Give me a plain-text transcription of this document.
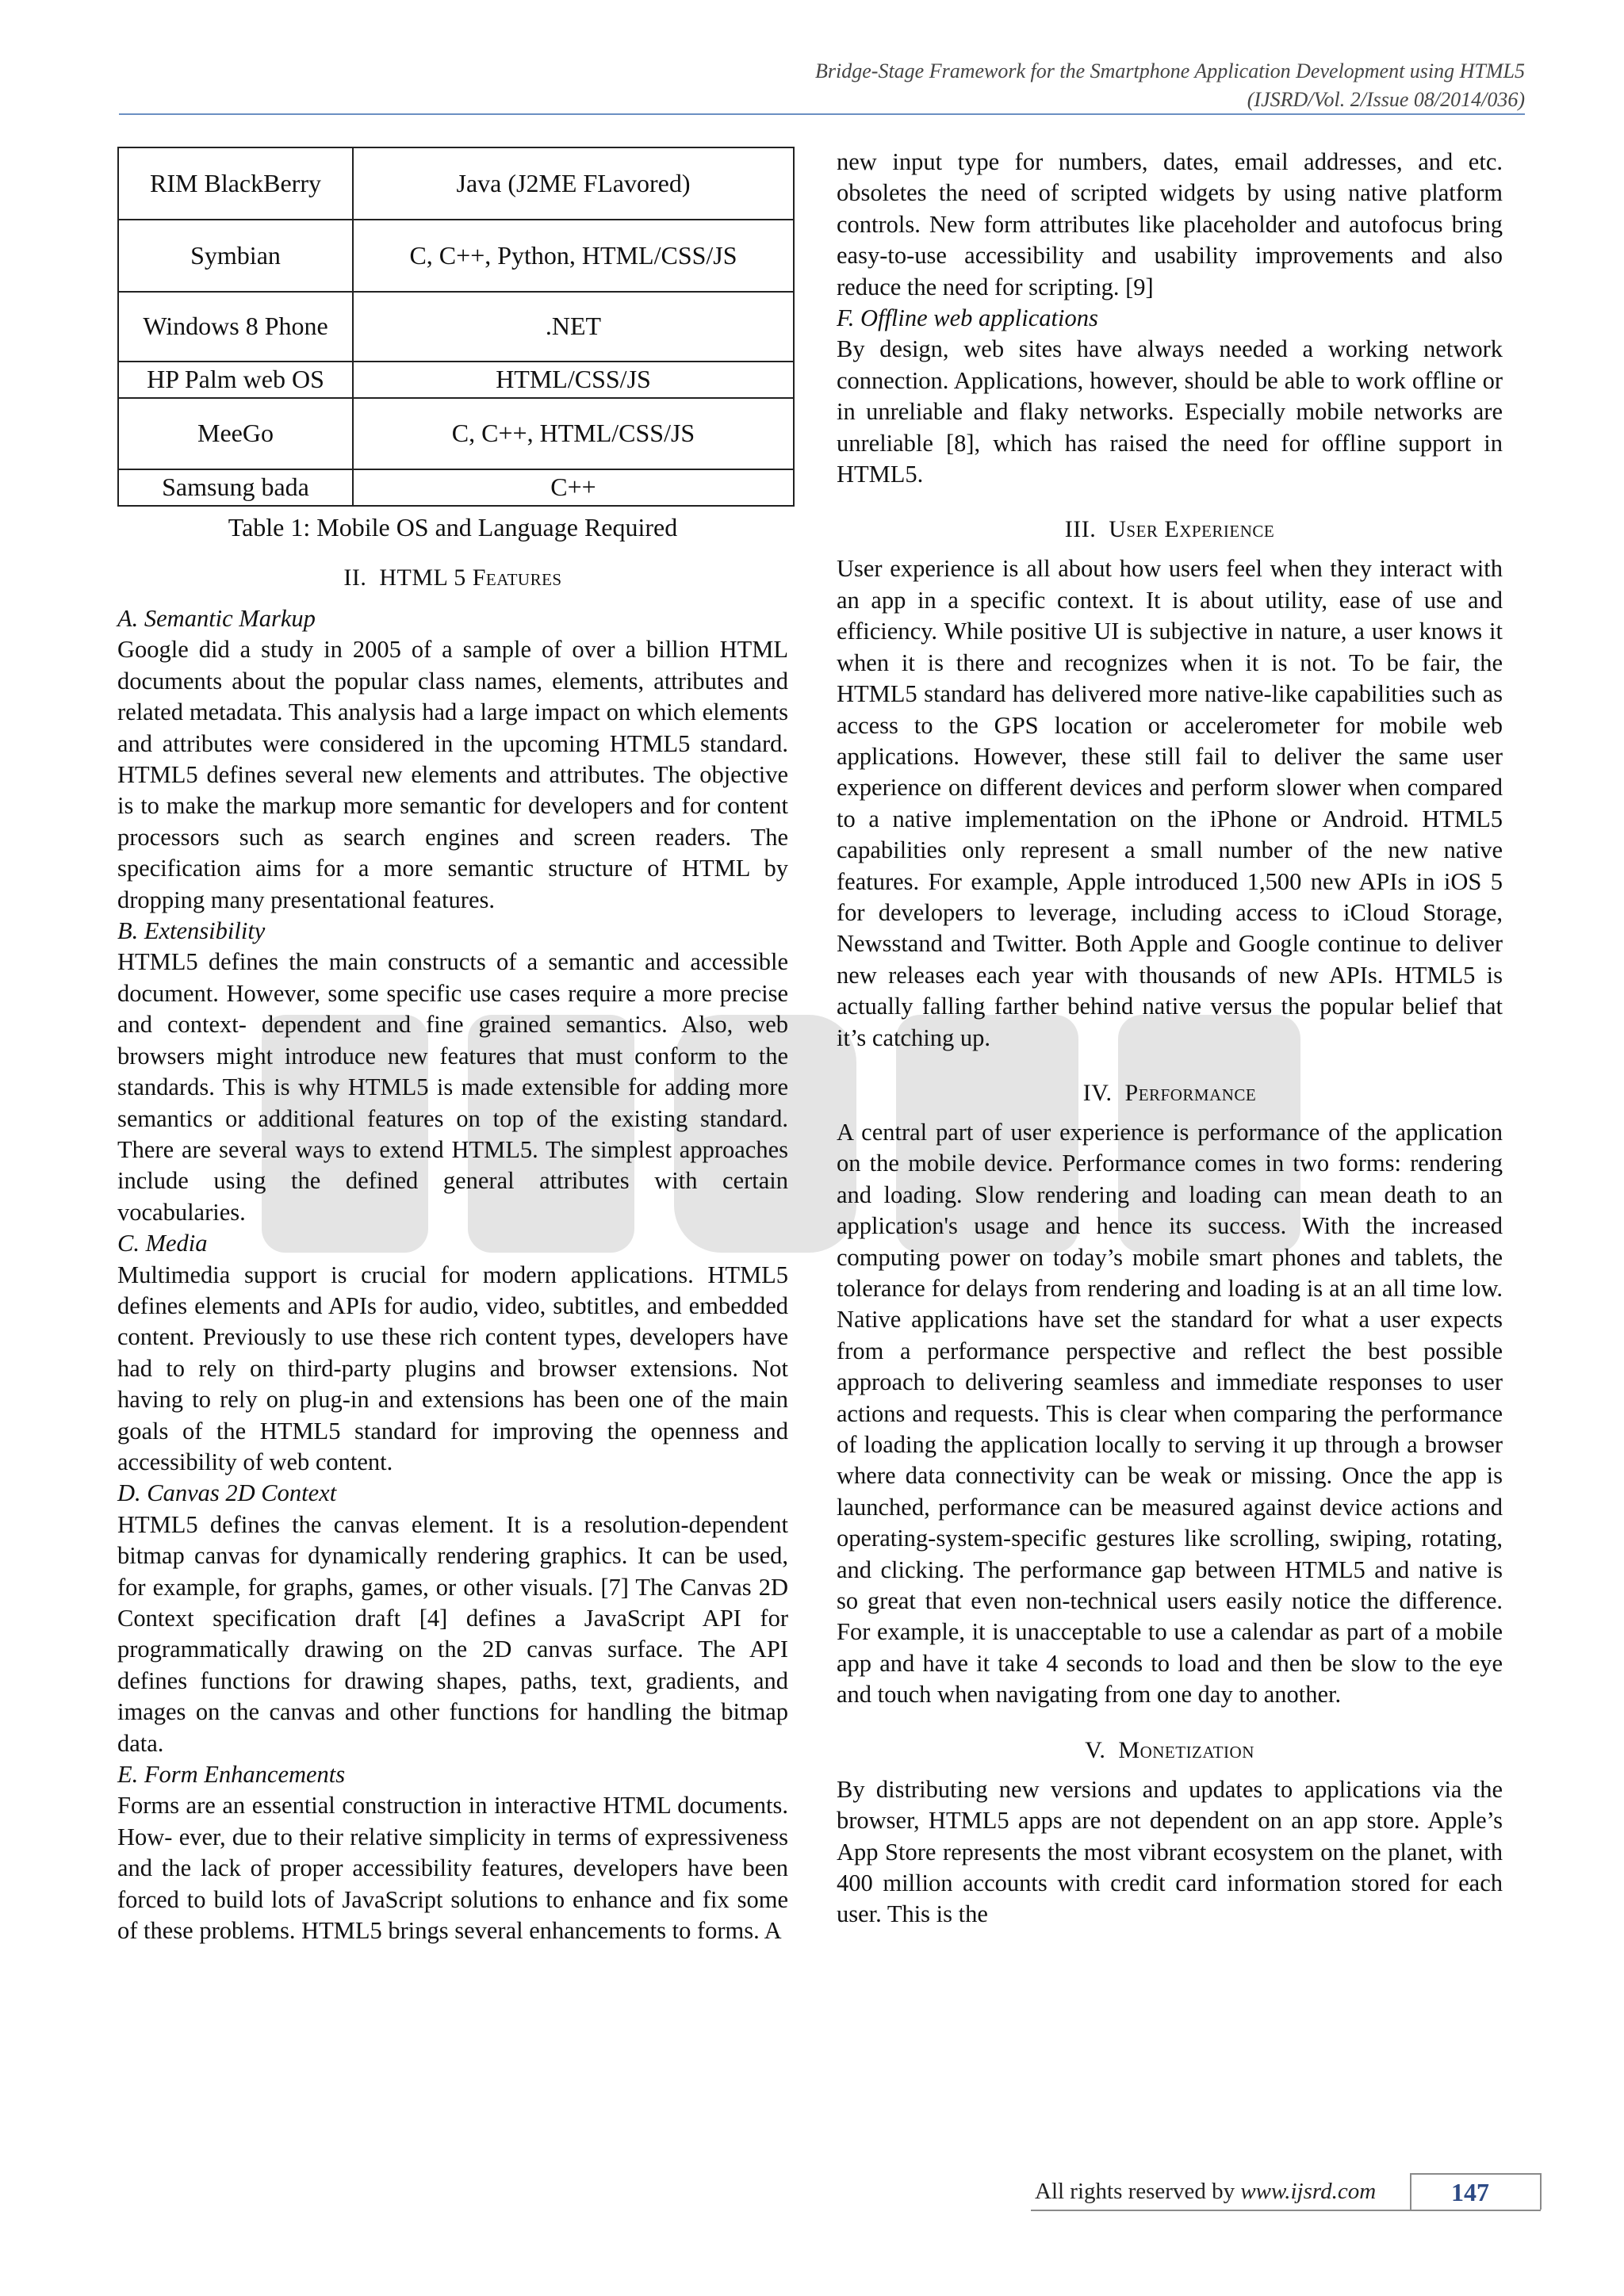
Bridge-Stage Framework for the Smartphone Application Development using HTML5
(IJSRD/Vol. 2/Issue 08/2014/036)
RIM BlackBerry	Java (J2ME FLavored)
Symbian	C, C++, Python, HTML/CSS/JS
Windows 8 Phone	.NET
HP Palm web OS	HTML/CSS/JS
MeeGo	C, C++, HTML/CSS/JS
Samsung bada	C++
Table 1: Mobile OS and Language Required
II. HTML 5 Features
A. Semantic Markup

Google did a study in 2005 of a sample of over a billion HTML documents about the popular class names, elements, attributes and related metadata. This analysis had a large impact on which elements and attributes were considered in the upcoming HTML5 standard. HTML5 defines several new elements and attributes. The objective is to make the markup more semantic for developers and for content processors such as search engines and screen readers. The specification aims for a more semantic structure of HTML by dropping many presentational features.

B. Extensibility

HTML5 defines the main constructs of a semantic and accessible document. However, some specific use cases require a more precise and context- dependent and fine grained semantics. Also, web browsers might introduce new features that must conform to the standards. This is why HTML5 is made extensible for adding more semantics or additional features on top of the existing standard. There are several ways to extend HTML5. The simplest approaches include using the defined general attributes with certain vocabularies.

C. Media

Multimedia support is crucial for modern applications. HTML5 defines elements and APIs for audio, video, subtitles, and embedded content. Previously to use these rich content types, developers have had to rely on third-party plugins and browser extensions. Not having to rely on plug-in and extensions has been one of the main goals of the HTML5 standard for improving the openness and accessibility of web content.

D. Canvas 2D Context

HTML5 defines the canvas element. It is a resolution-dependent bitmap canvas for dynamically rendering graphics. It can be used, for example, for graphs, games, or other visuals. [7] The Canvas 2D Context specification draft [4] defines a JavaScript API for programmatically drawing on the 2D canvas surface. The API defines functions for drawing shapes, paths, text, gradients, and images on the canvas and other functions for handling the bitmap data.

E. Form Enhancements

Forms are an essential construction in interactive HTML documents. How- ever, due to their relative simplicity in terms of expressiveness and the lack of proper accessibility features, developers have been forced to build lots of JavaScript solutions to enhance and fix some of these problems. HTML5 brings several enhancements to forms. A

new input type for numbers, dates, email addresses, and etc. obsoletes the need of scripted widgets by using native platform controls. New form attributes like placeholder and autofocus bring easy-to-use accessibility and usability improvements and also reduce the need for scripting. [9]

F. Offline web applications

By design, web sites have always needed a working network connection. Applications, however, should be able to work offline or in unreliable and flaky networks. Especially mobile networks are unreliable [8], which has raised the need for offline support in HTML5.

III. User Experience

User experience is all about how users feel when they interact with an app in a specific context. It is about utility, ease of use and efficiency. While positive UI is subjective in nature, a user knows it when it is there and recognizes when it is not. To be fair, the HTML5 standard has delivered more native-like capabilities such as access to the GPS location or accelerometer for mobile web applications. However, these still fail to deliver the same user experience on different devices and perform slower when compared to a native implementation on the iPhone or Android. HTML5 capabilities only represent a small number of the new native features. For example, Apple introduced 1,500 new APIs in iOS 5 for developers to leverage, including access to iCloud Storage, Newsstand and Twitter. Both Apple and Google continue to deliver new releases each year with thousands of new APIs. HTML5 is actually falling farther behind native versus the popular belief that it’s catching up.

IV. Performance

A central part of user experience is performance of the application on the mobile device. Performance comes in two forms: rendering and loading. Slow rendering and loading can mean death to an application's usage and hence its success. With the increased computing power on today’s mobile smart phones and tablets, the tolerance for delays from rendering and loading is at an all time low. Native applications have set the standard for what a user expects from a performance perspective and reflect the best possible approach to delivering seamless and immediate responses to user actions and requests. This is clear when comparing the performance of loading the application locally to serving it up through a browser where data connectivity can be weak or missing. Once the app is launched, performance can be measured against device actions and operating-system-specific gestures like scrolling, swiping, rotating, and clicking. The performance gap between HTML5 and native is so great that even non-technical users easily notice the difference. For example, it is unacceptable to use a calendar as part of a mobile app and have it take 4 seconds to load and then be slow to the eye and touch when navigating from one day to another.

V. Monetization

By distributing new versions and updates to applications via the browser, HTML5 apps are not dependent on an app store. Apple’s App Store represents the most vibrant ecosystem on the planet, with 400 million accounts with credit card information stored for each user. This is the

All rights reserved by www.ijsrd.com	147
